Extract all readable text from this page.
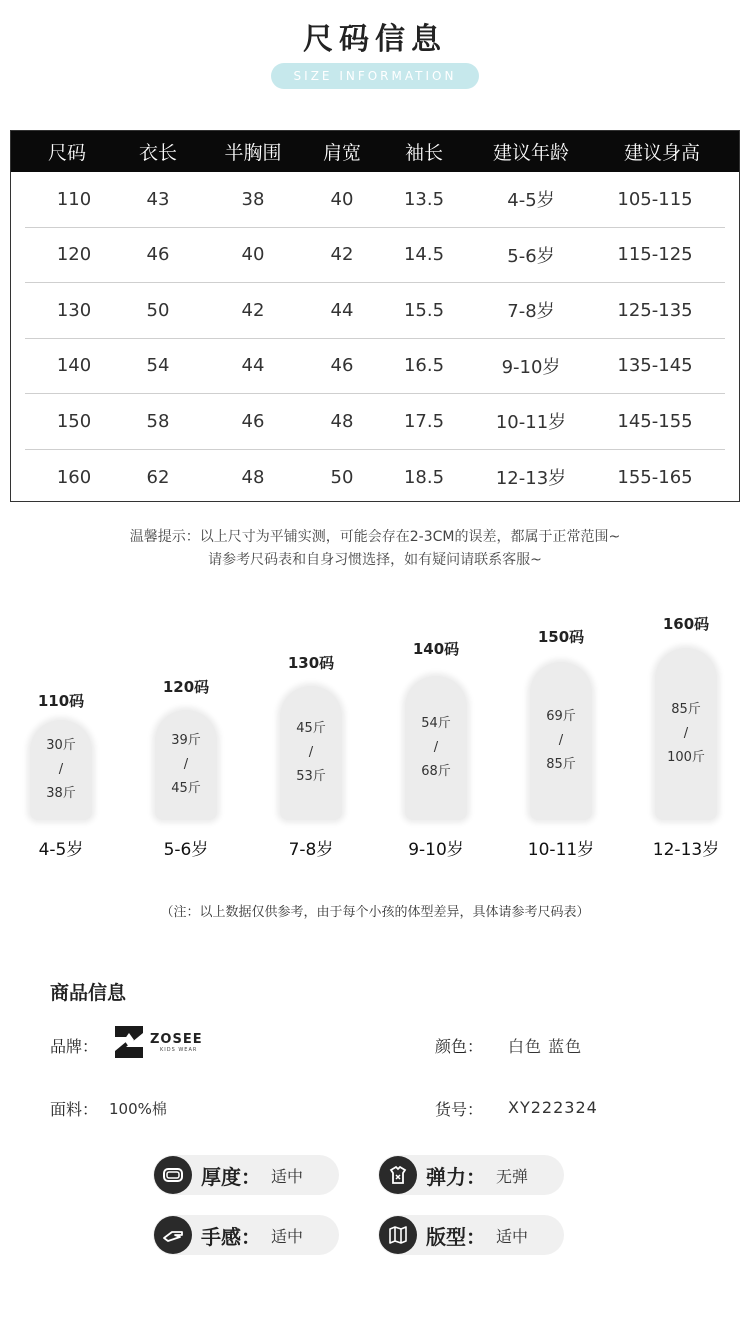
尺码信息
SIZE INFORMATION
尺码	衣长	半胸围	肩宽	袖长	建议年龄	建议身高
110	43	38	40	13.5	4-5岁	105-115
120	46	40	42	14.5	5-6岁	115-125
130	50	42	44	15.5	7-8岁	125-135
140	54	44	46	16.5	9-10岁	135-145
150	58	46	48	17.5	10-11岁	145-155
160	62	48	50	18.5	12-13岁	155-165
温馨提示：以上尺寸为平铺实测，可能会存在2-3CM的误差，都属于正常范围~
请参考尺码表和自身习惯选择，如有疑问请联系客服~
110码
30斤
/
38斤
4-5岁
120码
39斤
/
45斤
5-6岁
130码
45斤
/
53斤
7-8岁
140码
54斤
/
68斤
9-10岁
150码
69斤
/
85斤
10-11岁
160码
85斤
/
100斤
12-13岁
（注：以上数据仅供参考，由于每个小孩的体型差异，具体请参考尺码表）
商品信息
品牌：	ZOSEE
KIDS WEAR	颜色： 白色 蓝色
面料： 100%棉	货号： XY222324
厚度： 适中	弹力： 无弹
手感： 适中	版型： 适中
